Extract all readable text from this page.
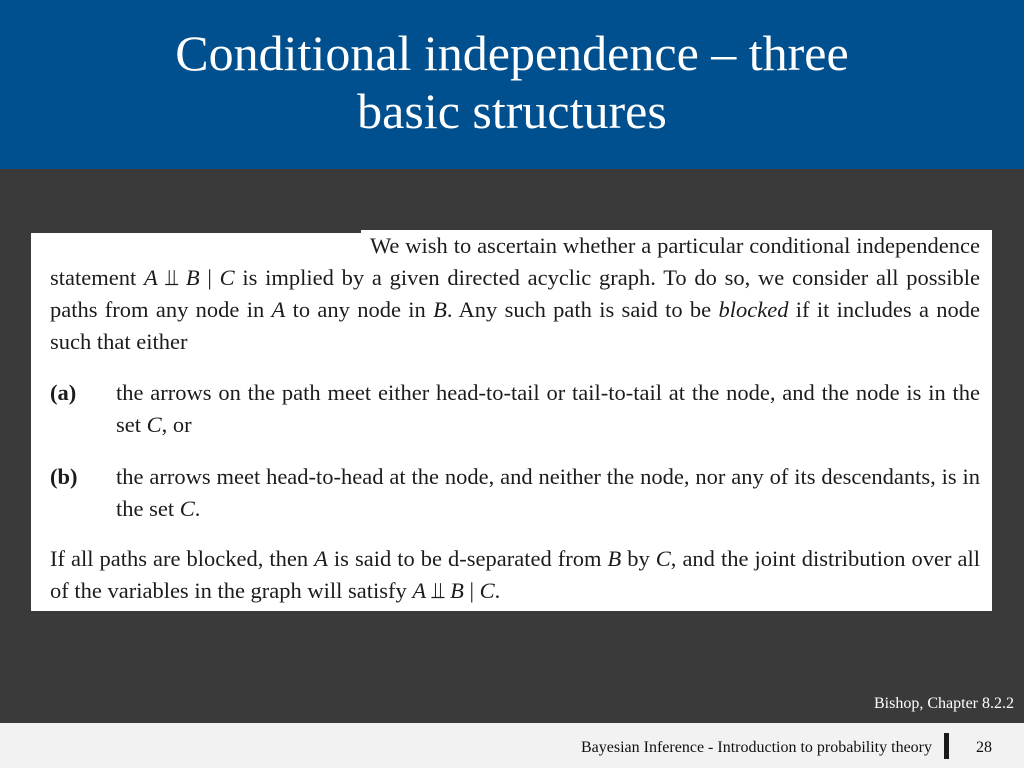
Conditional independence – three
basic structures

We wish to ascertain whether a particular conditional independence statement A ⫫ B | C is implied by a given directed acyclic graph. To do so, we consider all possible paths from any node in A to any node in B. Any such path is said to be blocked if it includes a node such that either

(a) the arrows on the path meet either head-to-tail or tail-to-tail at the node, and the node is in the set C, or

(b) the arrows meet head-to-head at the node, and neither the node, nor any of its descendants, is in the set C.

If all paths are blocked, then A is said to be d-separated from B by C, and the joint distribution over all of the variables in the graph will satisfy A ⫫ B | C.

Bishop, Chapter 8.2.2
Bayesian Inference - Introduction to probability theory	28
